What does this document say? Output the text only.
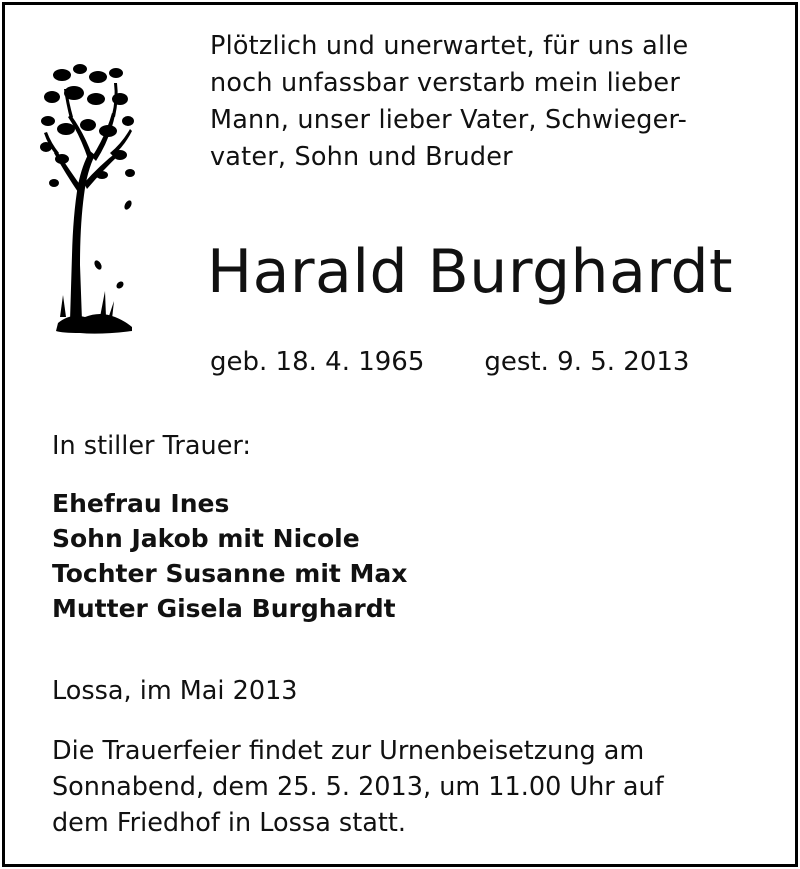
Plötzlich und unerwartet, für uns alle
noch unfassbar verstarb mein lieber
Mann, unser lieber Vater, Schwieger-
vater, Sohn und Bruder
Harald Burghardt
geb. 18. 4. 1965 gest. 9. 5. 2013
In stiller Trauer:
Ehefrau Ines
Sohn Jakob mit Nicole
Tochter Susanne mit Max
Mutter Gisela Burghardt
Lossa, im Mai 2013
Die Trauerfeier findet zur Urnenbeisetzung am
Sonnabend, dem 25. 5. 2013, um 11.00 Uhr auf
dem Friedhof in Lossa statt.
